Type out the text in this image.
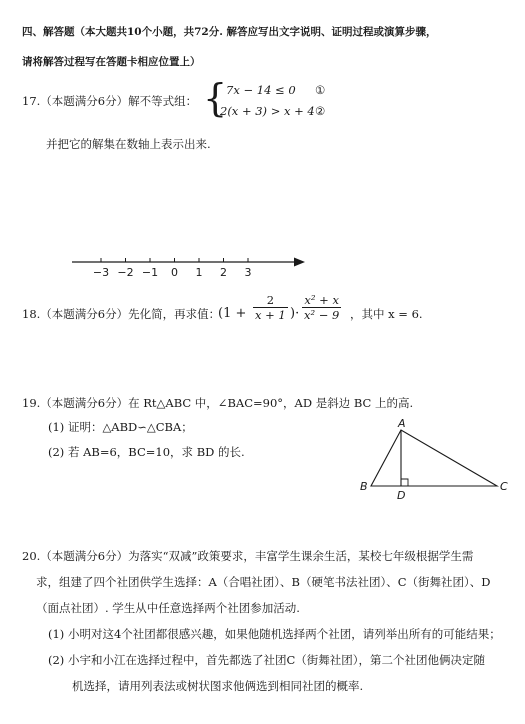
四、解答题（本大题共10个小题，共72分. 解答应写出文字说明、证明过程或演算步骤，
请将解答过程写在答题卡相应位置上）
17.（本题满分6分）解不等式组： {
7x − 14 ≤ 0 ①
2(x + 3) > x + 4 ②
并把它的解集在数轴上表示出来.
−3 −2 −1 0 1 2 3
18.（本题满分6分）先化简，再求值：
($1 + \frac{2}{x + 1}$ )· $\frac{\text{x² + x}}{\text{x² − 9}}$ ，其中 x = 6.
19.（本题满分6分）在 Rt△ABC 中，∠BAC=90°，AD 是斜边 BC 上的高.
(1) 证明：△ABD∽△CBA；
(2) 若 AB=6，BC=10，求 BD 的长.
A
B	C
D
20.（本题满分6分）为落实“双减”政策要求，丰富学生课余生活，某校七年级根据学生需
求，组建了四个社团供学生选择：A（合唱社团）、B（硬笔书法社团）、C（街舞社团）、D
（面点社团）. 学生从中任意选择两个社团参加活动.
(1) 小明对这4个社团都很感兴趣，如果他随机选择两个社团，请列举出所有的可能结果；
(2) 小宇和小江在选择过程中，首先都选了社团C（街舞社团），第二个社团他俩决定随
机选择，请用列表法或树状图求他俩选到相同社团的概率.
